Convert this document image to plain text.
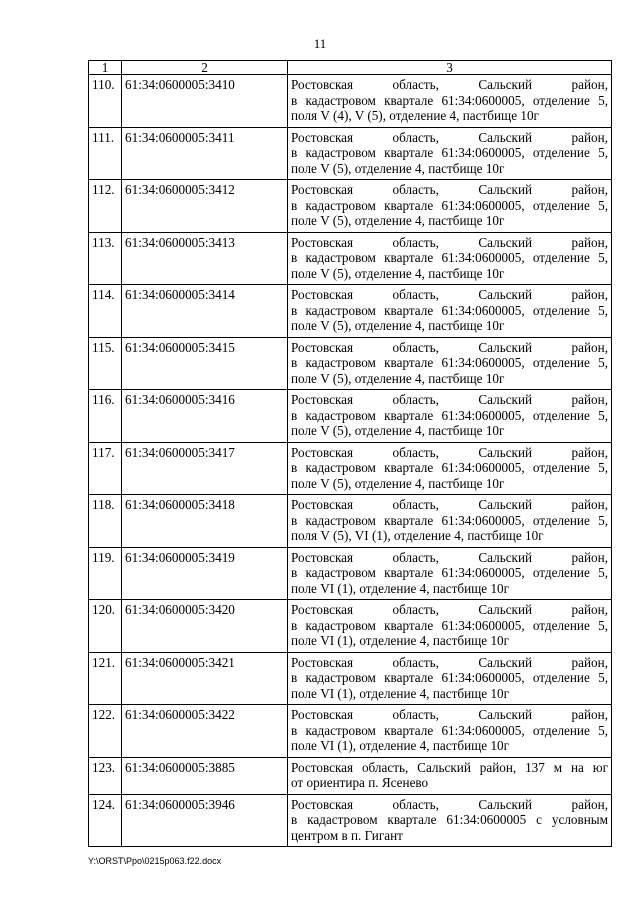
11
1	2	3
110.	61:34:0600005:3410	Ростовская область, Сальский район,
в кадастровом квартале 61:34:0600005, отделение 5,
поля V (4), V (5), отделение 4, пастбище 10г

111.	61:34:0600005:3411	Ростовская область, Сальский район,
в кадастровом квартале 61:34:0600005, отделение 5,
поле V (5), отделение 4, пастбище 10г

112.	61:34:0600005:3412	Ростовская область, Сальский район,
в кадастровом квартале 61:34:0600005, отделение 5,
поле V (5), отделение 4, пастбище 10г

113.	61:34:0600005:3413	Ростовская область, Сальский район,
в кадастровом квартале 61:34:0600005, отделение 5,
поле V (5), отделение 4, пастбище 10г

114.	61:34:0600005:3414	Ростовская область, Сальский район,
в кадастровом квартале 61:34:0600005, отделение 5,
поле V (5), отделение 4, пастбище 10г

115.	61:34:0600005:3415	Ростовская область, Сальский район,
в кадастровом квартале 61:34:0600005, отделение 5,
поле V (5), отделение 4, пастбище 10г

116.	61:34:0600005:3416	Ростовская область, Сальский район,
в кадастровом квартале 61:34:0600005, отделение 5,
поле V (5), отделение 4, пастбище 10г

117.	61:34:0600005:3417	Ростовская область, Сальский район,
в кадастровом квартале 61:34:0600005, отделение 5,
поле V (5), отделение 4, пастбище 10г

118.	61:34:0600005:3418	Ростовская область, Сальский район,
в кадастровом квартале 61:34:0600005, отделение 5,
поля V (5), VI (1), отделение 4, пастбище 10г

119.	61:34:0600005:3419	Ростовская область, Сальский район,
в кадастровом квартале 61:34:0600005, отделение 5,
поле VI (1), отделение 4, пастбище 10г

120.	61:34:0600005:3420	Ростовская область, Сальский район,
в кадастровом квартале 61:34:0600005, отделение 5,
поле VI (1), отделение 4, пастбище 10г

121.	61:34:0600005:3421	Ростовская область, Сальский район,
в кадастровом квартале 61:34:0600005, отделение 5,
поле VI (1), отделение 4, пастбище 10г

122.	61:34:0600005:3422	Ростовская область, Сальский район,
в кадастровом квартале 61:34:0600005, отделение 5,
поле VI (1), отделение 4, пастбище 10г

123.	61:34:0600005:3885	Ростовская область, Сальский район, 137 м на юг
от ориентира п. Ясенево

124.	61:34:0600005:3946	Ростовская область, Сальский район,
в кадастровом квартале 61:34:0600005 с условным
центром в п. Гигант
Y:\ORST\Ppo\0215p063.f22.docx
